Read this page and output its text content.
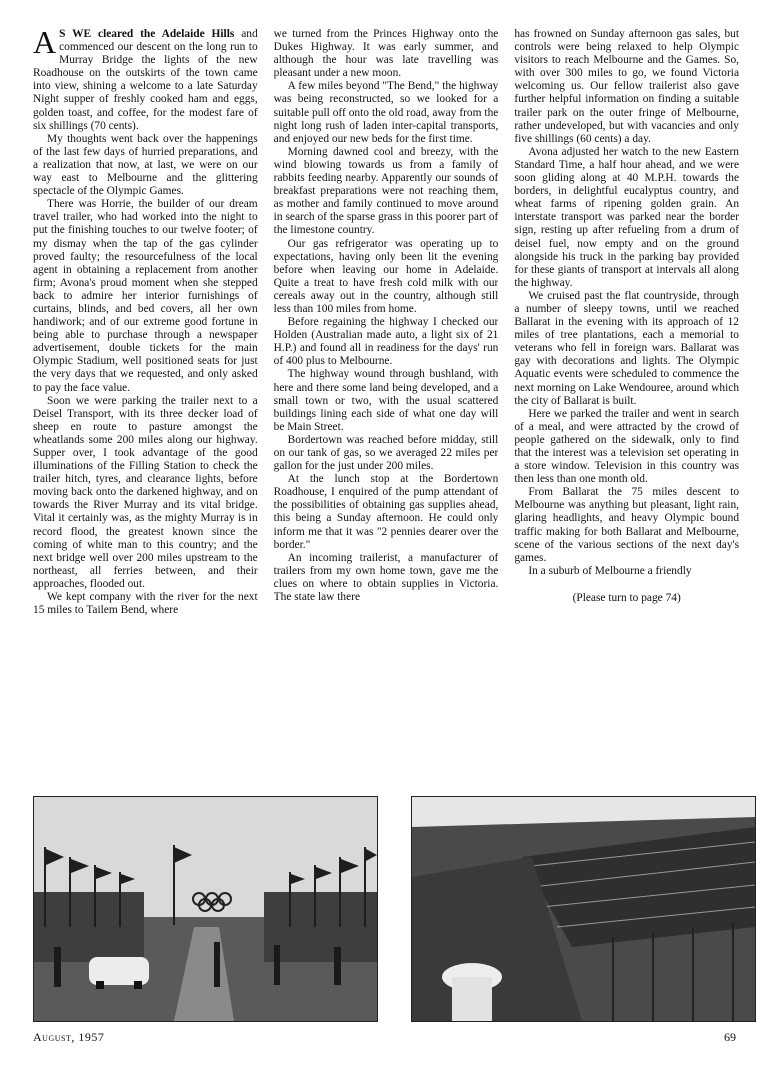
A S WE cleared the Adelaide Hills and commenced our descent on the long run to Murray Bridge the lights of the new Roadhouse on the outskirts of the town came into view, shining a welcome to a late Saturday Night supper of freshly cooked ham and eggs, golden toast, and coffee, for the modest fare of six shillings (70 cents).

My thoughts went back over the happenings of the last few days of hurried preparations, and a realization that now, at last, we were on our way east to Melbourne and the glittering spectacle of the Olympic Games.

There was Horrie, the builder of our dream travel trailer, who had worked into the night to put the finishing touches to our twelve footer; of my dismay when the tap of the gas cylinder proved faulty; the resourcefulness of the local agent in obtaining a replacement from another firm; Avona's proud moment when she stepped back to admire her interior furnishings of curtains, blinds, and bed covers, all her own handiwork; and of our extreme good fortune in being able to purchase through a newspaper advertisement, double tickets for the main Olympic Stadium, well positioned seats for just the very days that we requested, and only asked to pay the face value.

Soon we were parking the trailer next to a Deisel Transport, with its three decker load of sheep en route to pasture amongst the wheatlands some 200 miles along our highway. Supper over, I took advantage of the good illuminations of the Filling Station to check the trailer hitch, tyres, and clearance lights, before moving back onto the darkened highway, and on towards the River Murray and its vital bridge. Vital it certainly was, as the mighty Murray is in record flood, the greatest known since the coming of white man to this country; and the next bridge well over 200 miles upstream to the northeast, all ferries between, and their approaches, flooded out.

We kept company with the river for the next 15 miles to Tailem Bend, where

we turned from the Princes Highway onto the Dukes Highway. It was early summer, and although the hour was late travelling was pleasant under a new moon.

A few miles beyond "The Bend," the highway was being reconstructed, so we looked for a suitable pull off onto the old road, away from the night long rush of laden inter-capital transports, and enjoyed our new beds for the first time.

Morning dawned cool and breezy, with the wind blowing towards us from a family of rabbits feeding nearby. Apparently our sounds of breakfast preparations were not reaching them, as mother and family continued to move around in search of the sparse grass in this poorer part of the limestone country.

Our gas refrigerator was operating up to expectations, having only been lit the evening before when leaving our home in Adelaide. Quite a treat to have fresh cold milk with our cereals away out in the country, although still less than 100 miles from home.

Before regaining the highway I checked our Holden (Australian made auto, a light six of 21 H.P.) and found all in readiness for the days' run of 400 plus to Melbourne.

The highway wound through bushland, with here and there some land being developed, and a small town or two, with the usual scattered buildings lining each side of what one day will be Main Street.

Bordertown was reached before midday, still on our tank of gas, so we averaged 22 miles per gallon for the just under 200 miles.

At the lunch stop at the Bordertown Roadhouse, I enquired of the pump attendant of the possibilities of obtaining gas supplies ahead, this being a Sunday afternoon. He could only inform me that it was "2 pennies dearer over the border."

An incoming trailerist, a manufacturer of trailers from my own home town, gave me the clues on where to obtain supplies in Victoria. The state law there

has frowned on Sunday afternoon gas sales, but controls were being relaxed to help Olympic visitors to reach Melbourne and the Games. So, with over 300 miles to go, we found Victoria welcoming us. Our fellow trailerist also gave further helpful information on finding a suitable trailer park on the outer fringe of Melbourne, rather undeveloped, but with vacancies and only five shillings (60 cents) a day.

Avona adjusted her watch to the new Eastern Standard Time, a half hour ahead, and we were soon gliding along at 40 M.P.H. towards the borders, in delightful eucalyptus country, and wheat farms of ripening golden grain. An interstate transport was parked near the border sign, resting up after refueling from a drum of deisel fuel, now empty and on the ground alongside his truck in the parking bay provided for these giants of transport at intervals all along the highway.

We cruised past the flat countryside, through a number of sleepy towns, until we reached Ballarat in the evening with its approach of 12 miles of tree plantations, each a memorial to veterans who fell in foreign wars. Ballarat was gay with decorations and lights. The Olympic Aquatic events were scheduled to commence the next morning on Lake Wendouree, around which the city of Ballarat is built.

Here we parked the trailer and went in search of a meal, and were attracted by the crowd of people gathered on the sidewalk, only to find that the interest was a television set operating in a store window. Television in this country was then less than one month old.

From Ballarat the 75 miles descent to Melbourne was anything but pleasant, light rain, glaring headlights, and heavy Olympic bound traffic making for both Ballarat and Melbourne, scene of the various sections of the next day's games.

In a suburb of Melbourne a friendly

(Please turn to page 74)

August, 1957	69
